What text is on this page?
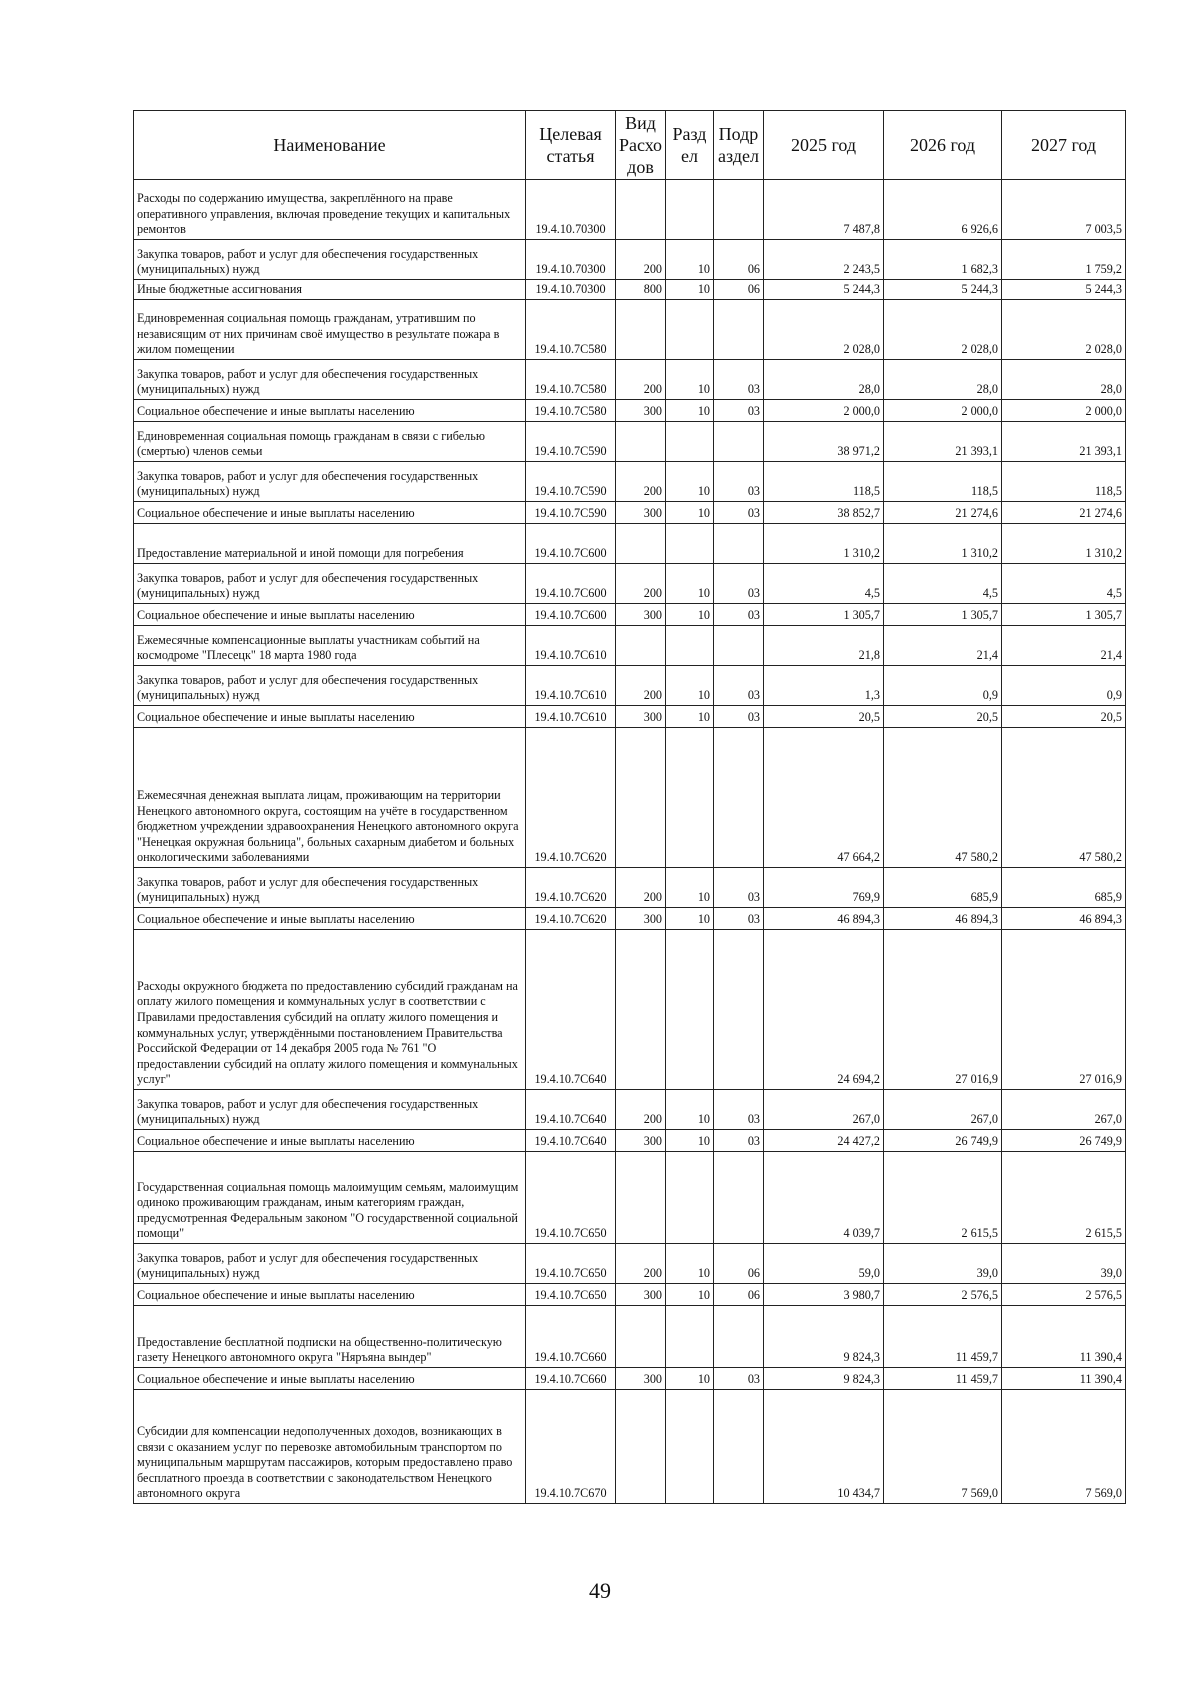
Наименование	Целевая статья	Вид Расхо дов	Разд ел	Подр аздел	2025 год	2026 год	2027 год
Расходы по содержанию имущества, закреплённого на праве оперативного управления, включая проведение текущих и капитальных ремонтов	19.4.10.70300				7 487,8	6 926,6	7 003,5
Закупка товаров, работ и услуг для обеспечения государственных (муниципальных) нужд	19.4.10.70300	200	10	06	2 243,5	1 682,3	1 759,2
Иные бюджетные ассигнования	19.4.10.70300	800	10	06	5 244,3	5 244,3	5 244,3
Единовременная социальная помощь гражданам, утратившим по независящим от них причинам своё имущество в результате пожара в жилом помещении	19.4.10.7С580				2 028,0	2 028,0	2 028,0
Закупка товаров, работ и услуг для обеспечения государственных (муниципальных) нужд	19.4.10.7С580	200	10	03	28,0	28,0	28,0
Социальное обеспечение и иные выплаты населению	19.4.10.7С580	300	10	03	2 000,0	2 000,0	2 000,0
Единовременная социальная помощь гражданам в связи с гибелью (смертью) членов семьи	19.4.10.7С590				38 971,2	21 393,1	21 393,1
Закупка товаров, работ и услуг для обеспечения государственных (муниципальных) нужд	19.4.10.7С590	200	10	03	118,5	118,5	118,5
Социальное обеспечение и иные выплаты населению	19.4.10.7С590	300	10	03	38 852,7	21 274,6	21 274,6
Предоставление материальной и иной помощи для погребения	19.4.10.7С600				1 310,2	1 310,2	1 310,2
Закупка товаров, работ и услуг для обеспечения государственных (муниципальных) нужд	19.4.10.7С600	200	10	03	4,5	4,5	4,5
Социальное обеспечение и иные выплаты населению	19.4.10.7С600	300	10	03	1 305,7	1 305,7	1 305,7
Ежемесячные компенсационные выплаты участникам событий на космодроме "Плесецк" 18 марта 1980 года	19.4.10.7С610				21,8	21,4	21,4
Закупка товаров, работ и услуг для обеспечения государственных (муниципальных) нужд	19.4.10.7С610	200	10	03	1,3	0,9	0,9
Социальное обеспечение и иные выплаты населению	19.4.10.7С610	300	10	03	20,5	20,5	20,5
Ежемесячная денежная выплата лицам, проживающим на территории Ненецкого автономного округа, состоящим на учёте в государственном бюджетном учреждении здравоохранения Ненецкого автономного округа "Ненецкая окружная больница", больных сахарным диабетом и больных онкологическими заболеваниями	19.4.10.7С620				47 664,2	47 580,2	47 580,2
Закупка товаров, работ и услуг для обеспечения государственных (муниципальных) нужд	19.4.10.7С620	200	10	03	769,9	685,9	685,9
Социальное обеспечение и иные выплаты населению	19.4.10.7С620	300	10	03	46 894,3	46 894,3	46 894,3
Расходы окружного бюджета по предоставлению субсидий гражданам на оплату жилого помещения и коммунальных услуг в соответствии с Правилами предоставления субсидий на оплату жилого помещения и коммунальных услуг, утверждёнными постановлением Правительства Российской Федерации от 14 декабря 2005 года № 761 "О предоставлении субсидий на оплату жилого помещения и коммунальных услуг"	19.4.10.7С640				24 694,2	27 016,9	27 016,9
Закупка товаров, работ и услуг для обеспечения государственных (муниципальных) нужд	19.4.10.7С640	200	10	03	267,0	267,0	267,0
Социальное обеспечение и иные выплаты населению	19.4.10.7С640	300	10	03	24 427,2	26 749,9	26 749,9
Государственная социальная помощь малоимущим семьям, малоимущим одиноко проживающим гражданам, иным категориям граждан, предусмотренная Федеральным законом "О государственной социальной помощи"	19.4.10.7С650				4 039,7	2 615,5	2 615,5
Закупка товаров, работ и услуг для обеспечения государственных (муниципальных) нужд	19.4.10.7С650	200	10	06	59,0	39,0	39,0
Социальное обеспечение и иные выплаты населению	19.4.10.7С650	300	10	06	3 980,7	2 576,5	2 576,5
Предоставление бесплатной подписки на общественно-политическую газету Ненецкого автономного округа "Няръяна вындер"	19.4.10.7С660				9 824,3	11 459,7	11 390,4
Социальное обеспечение и иные выплаты населению	19.4.10.7С660	300	10	03	9 824,3	11 459,7	11 390,4
Субсидии для компенсации недополученных доходов, возникающих в связи с оказанием услуг по перевозке автомобильным транспортом по муниципальным маршрутам пассажиров, которым предоставлено право бесплатного проезда в соответствии с законодательством Ненецкого автономного округа	19.4.10.7С670				10 434,7	7 569,0	7 569,0
49
